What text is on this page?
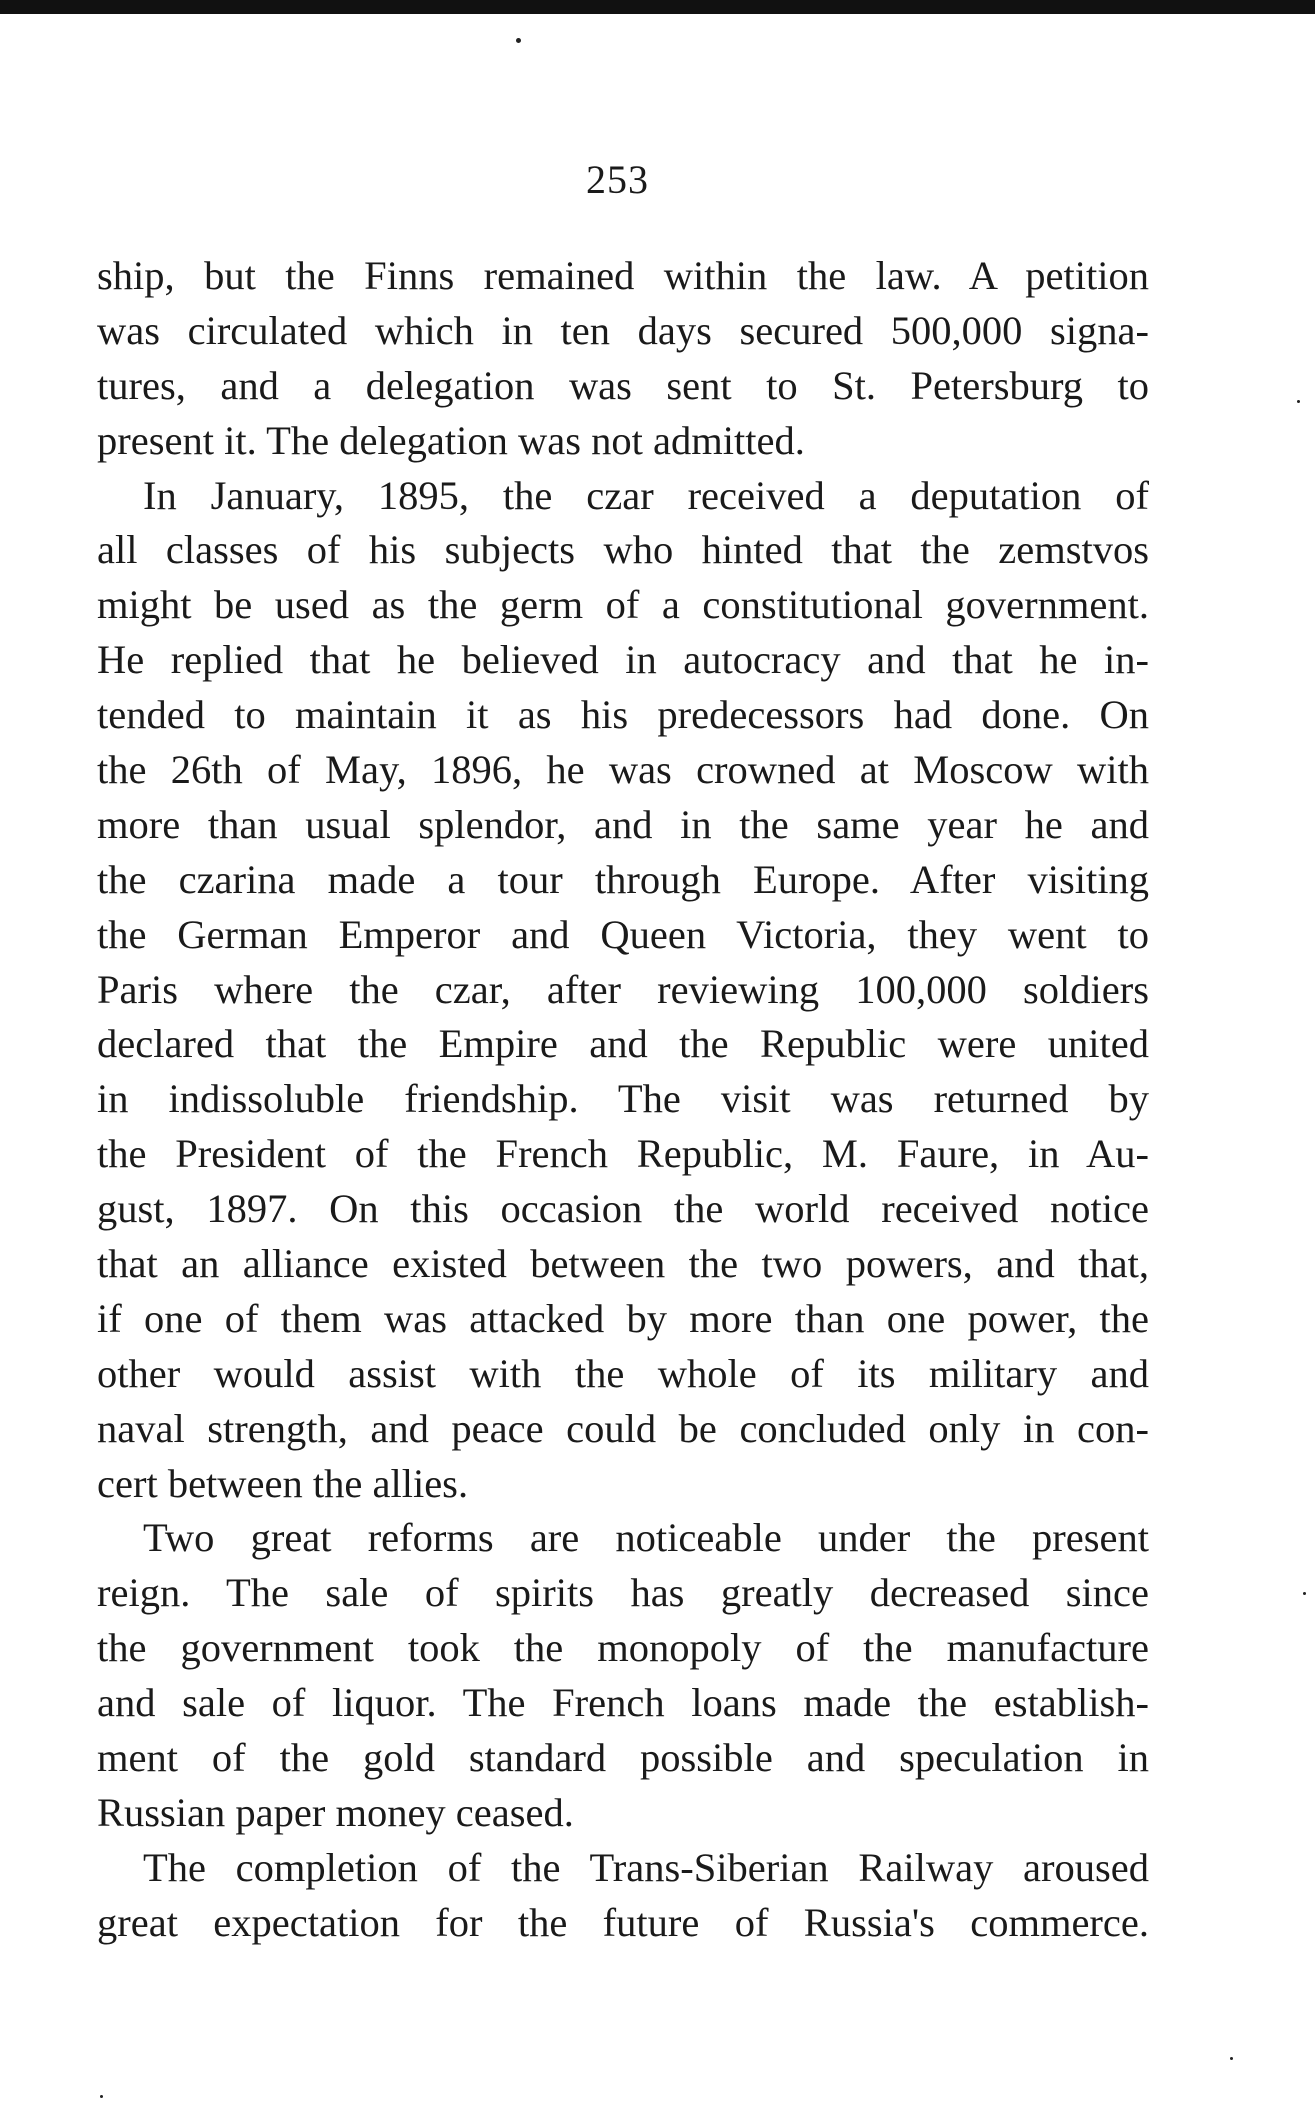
253
ship, but the Finns remained within the law. A petition
was circulated which in ten days secured 500,000 signa-
tures, and a delegation was sent to St. Petersburg to
present it. The delegation was not admitted.
In January, 1895, the czar received a deputation of
all classes of his subjects who hinted that the zemstvos
might be used as the germ of a constitutional government.
He replied that he believed in autocracy and that he in-
tended to maintain it as his predecessors had done. On
the 26th of May, 1896, he was crowned at Moscow with
more than usual splendor, and in the same year he and
the czarina made a tour through Europe. After visiting
the German Emperor and Queen Victoria, they went to
Paris where the czar, after reviewing 100,000 soldiers
declared that the Empire and the Republic were united
in indissoluble friendship. The visit was returned by
the President of the French Republic, M. Faure, in Au-
gust, 1897. On this occasion the world received notice
that an alliance existed between the two powers, and that,
if one of them was attacked by more than one power, the
other would assist with the whole of its military and
naval strength, and peace could be concluded only in con-
cert between the allies.
Two great reforms are noticeable under the present
reign. The sale of spirits has greatly decreased since
the government took the monopoly of the manufacture
and sale of liquor. The French loans made the establish-
ment of the gold standard possible and speculation in
Russian paper money ceased.
The completion of the Trans-Siberian Railway aroused
great expectation for the future of Russia's commerce.
